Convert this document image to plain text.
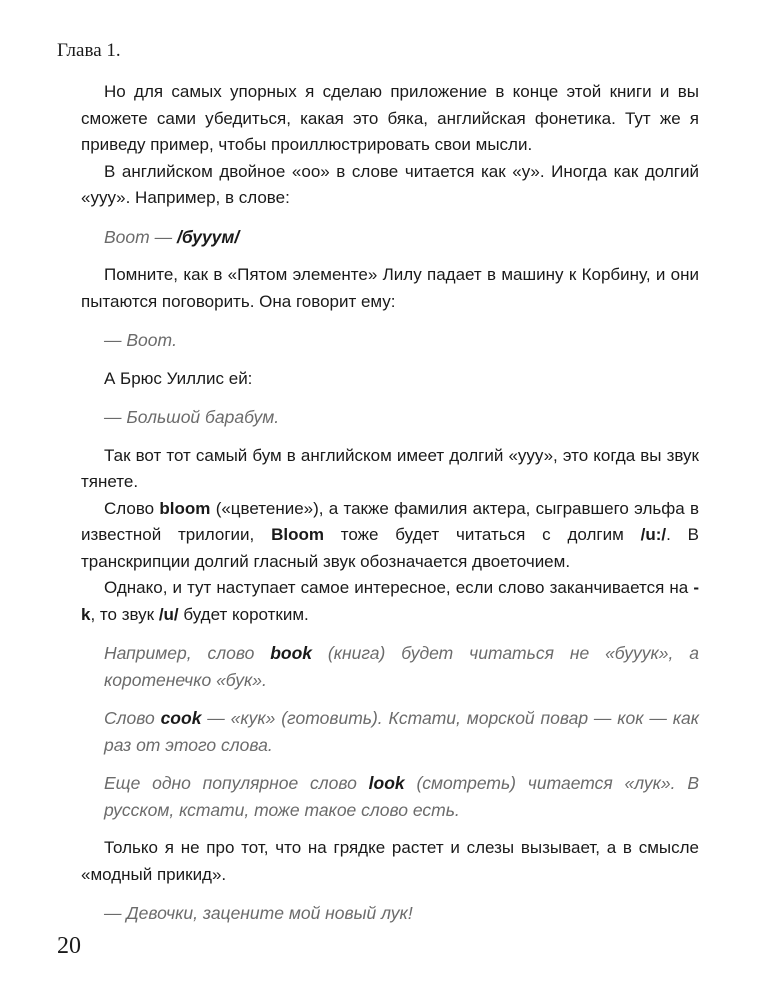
Глава 1.

Но для самых упорных я сделаю приложение в конце этой книги и вы сможете сами убедиться, какая это бяка, английская фонетика. Тут же я приведу пример, чтобы проиллюстрировать свои мысли.

В английском двойное «оо» в слове читается как «у». Иногда как долгий «ууу». Например, в слове:

Boom — /бууум/

Помните, как в «Пятом элементе» Лилу падает в машину к Корбину, и они пытаются поговорить. Она говорит ему:

— Boom.

А Брюс Уиллис ей:

— Большой барабум.

Так вот тот самый бум в английском имеет долгий «ууу», это когда вы звук тянете.

Слово bloom («цветение»), а также фамилия актера, сыгравшего эльфа в известной трилогии, Bloom тоже будет читаться с долгим /u:/. В транскрипции долгий гласный звук обозначается двоеточием.

Однако, и тут наступает самое интересное, если слово заканчивается на -k, то звук /u/ будет коротким.

Например, слово book (книга) будет читаться не «бууук», а коротенечко «бук».
Слово cook — «кук» (готовить). Кстати, морской повар — кок — как раз от этого слова.
Еще одно популярное слово look (смотреть) читается «лук». В русском, кстати, тоже такое слово есть.

Только я не про тот, что на грядке растет и слезы вызывает, а в смысле «модный прикид».

— Девочки, зацените мой новый лук!
20
